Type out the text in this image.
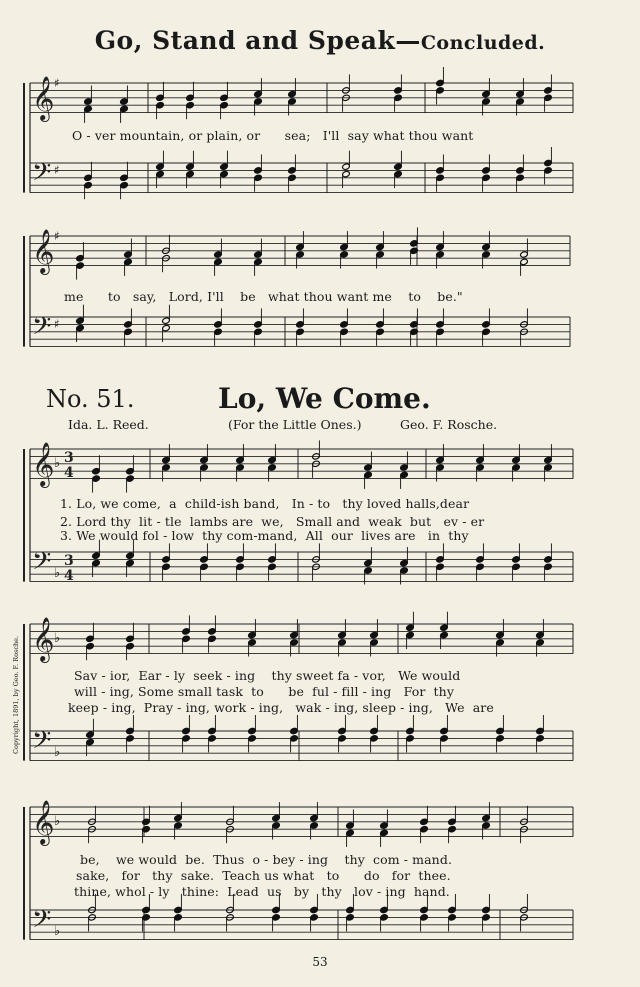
Go, Stand and Speak—Concluded.
𝄞
𝄢
♯
♯
𝄞
𝄢
♯
♯
𝄞
𝄢
♭
♭
3
4
3
4
𝄞
𝄢
♭
♭
𝄞
𝄢
♭
♭
O - ver mountain, or plain, or      sea;   I'll  say what thou want
me      to   say,   Lord, I'll    be   what thou want me    to    be."
No. 51.	Lo, We Come.
Ida. L. Reed.	(For the Little Ones.)	Geo. F. Rosche.
1. Lo, we come,  a  child-ish band,   In - to   thy loved halls,dear
2. Lord thy  lit - tle  lambs are  we,   Small and  weak  but   ev - er
3. We would fol - low  thy com-mand,  All  our  lives are   in  thy
Sav - ior,  Ear - ly  seek - ing    thy sweet fa - vor,   We would
will - ing, Some small task  to      be  ful - fill - ing   For  thy
keep - ing,  Pray - ing, work - ing,   wak - ing, sleep - ing,   We  are
be,    we would  be.  Thus  o - bey - ing    thy  com - mand.
sake,   for   thy  sake.  Teach us what   to      do   for  thee.
thine, whol - ly   thine:  Lead  us   by   thy   lov - ing  hand.
Copyright, 1891, by Geo. F. Rosche.
53
